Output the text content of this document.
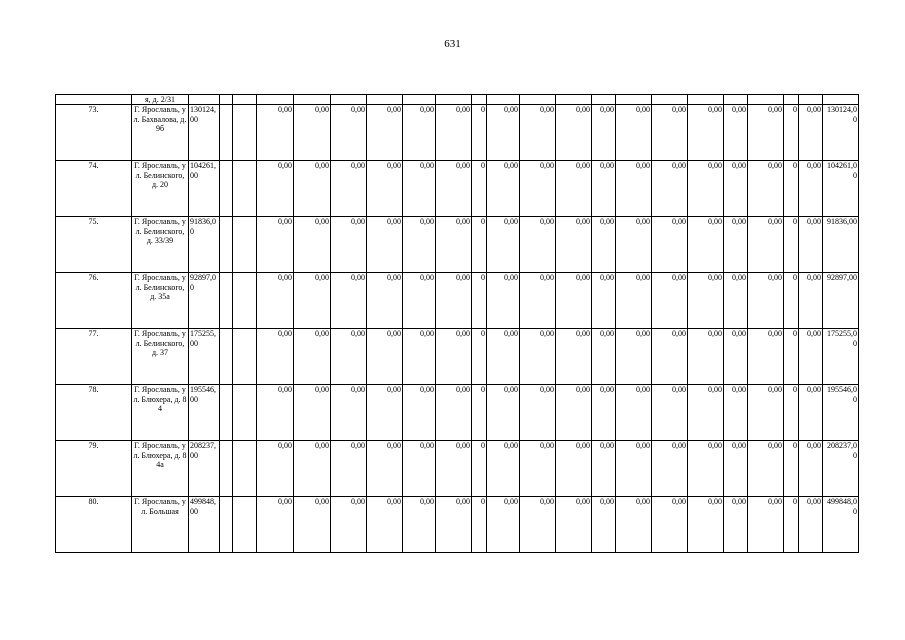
631
	я, д. 2/31																						
73.	Г. Ярославль, ул. Бахвалова, д. 9б	130124,00			0,00	0,00	0,00	0,00	0,00	0,00	0	0,00	0,00	0,00	0,00	0,00	0,00	0,00	0,00	0,00	0	0,00	130124,00
74.	Г. Ярославль, ул. Белинского, д. 20	104261,00			0,00	0,00	0,00	0,00	0,00	0,00	0	0,00	0,00	0,00	0,00	0,00	0,00	0,00	0,00	0,00	0	0,00	104261,00
75.	Г. Ярославль, ул. Белинского, д. 33/39	91836,00			0,00	0,00	0,00	0,00	0,00	0,00	0	0,00	0,00	0,00	0,00	0,00	0,00	0,00	0,00	0,00	0	0,00	91836,00
76.	Г. Ярославль, ул. Белинского, д. 35а	92897,00			0,00	0,00	0,00	0,00	0,00	0,00	0	0,00	0,00	0,00	0,00	0,00	0,00	0,00	0,00	0,00	0	0,00	92897,00
77.	Г. Ярославль, ул. Белинского, д. 37	175255,00			0,00	0,00	0,00	0,00	0,00	0,00	0	0,00	0,00	0,00	0,00	0,00	0,00	0,00	0,00	0,00	0	0,00	175255,00
78.	Г. Ярославль, ул. Блюхера, д. 84	195546,00			0,00	0,00	0,00	0,00	0,00	0,00	0	0,00	0,00	0,00	0,00	0,00	0,00	0,00	0,00	0,00	0	0,00	195546,00
79.	Г. Ярославль, ул. Блюхера, д. 84а	208237,00			0,00	0,00	0,00	0,00	0,00	0,00	0	0,00	0,00	0,00	0,00	0,00	0,00	0,00	0,00	0,00	0	0,00	208237,00
80.	Г. Ярославль, ул. Большая	499848,00			0,00	0,00	0,00	0,00	0,00	0,00	0	0,00	0,00	0,00	0,00	0,00	0,00	0,00	0,00	0,00	0	0,00	499848,00
